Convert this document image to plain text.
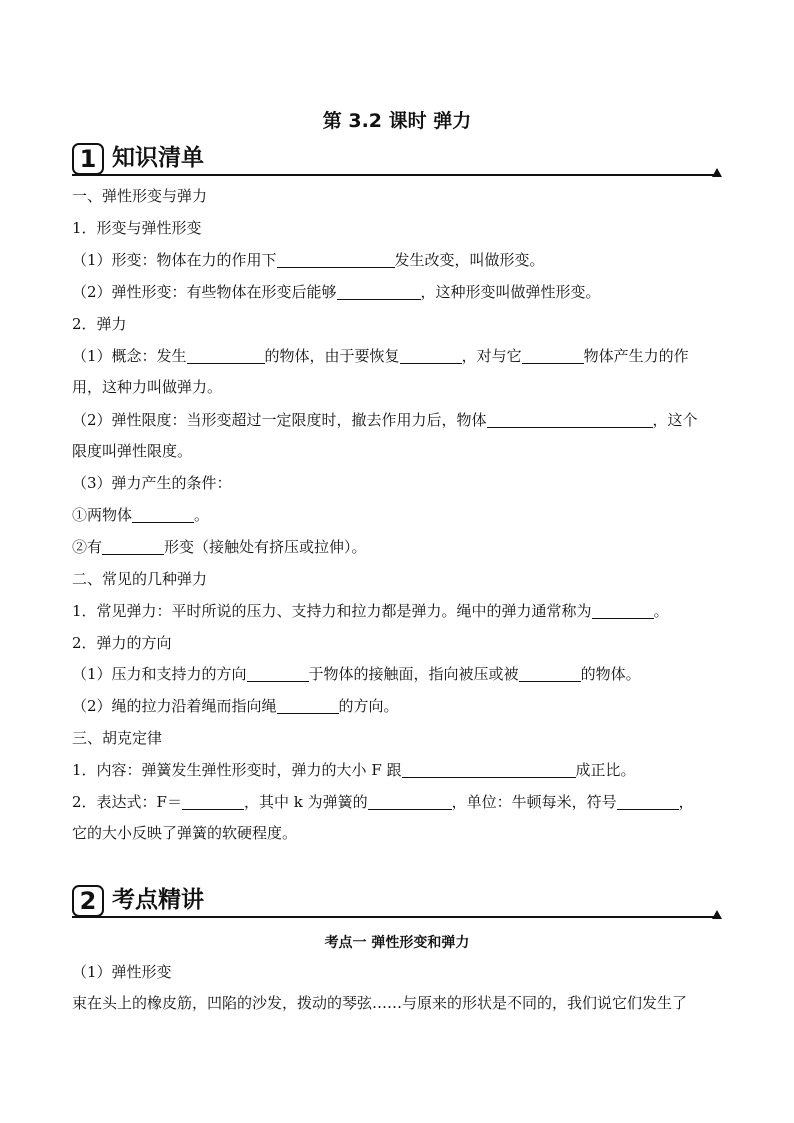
第 3.2 课时 弹力
1 知识清单
一、弹性形变与弹力
1．形变与弹性形变
（1）形变：物体在力的作用下	发生改变，叫做形变。
（2）弹性形变：有些物体在形变后能够	，这种形变叫做弹性形变。
2．弹力
（1）概念：发生	的物体，由于要恢复	，对与它	物体产生力的作
用，这种力叫做弹力。
（2）弹性限度：当形变超过一定限度时，撤去作用力后，物体	，这个
限度叫弹性限度。
（3）弹力产生的条件：
①两物体	。
②有	形变（接触处有挤压或拉伸）。
二、常见的几种弹力
1．常见弹力：平时所说的压力、支持力和拉力都是弹力。绳中的弹力通常称为	。
2．弹力的方向
（1）压力和支持力的方向	于物体的接触面，指向被压或被	的物体。
（2）绳的拉力沿着绳而指向绳	的方向。
三、胡克定律
1．内容：弹簧发生弹性形变时，弹力的大小 F 跟	成正比。
2．表达式：F＝	，其中 k 为弹簧的	，单位：牛顿每米，符号	，
它的大小反映了弹簧的软硬程度。
2 考点精讲
考点一 弹性形变和弹力
（1）弹性形变
束在头上的橡皮筋，凹陷的沙发，拨动的琴弦……与原来的形状是不同的，我们说它们发生了
